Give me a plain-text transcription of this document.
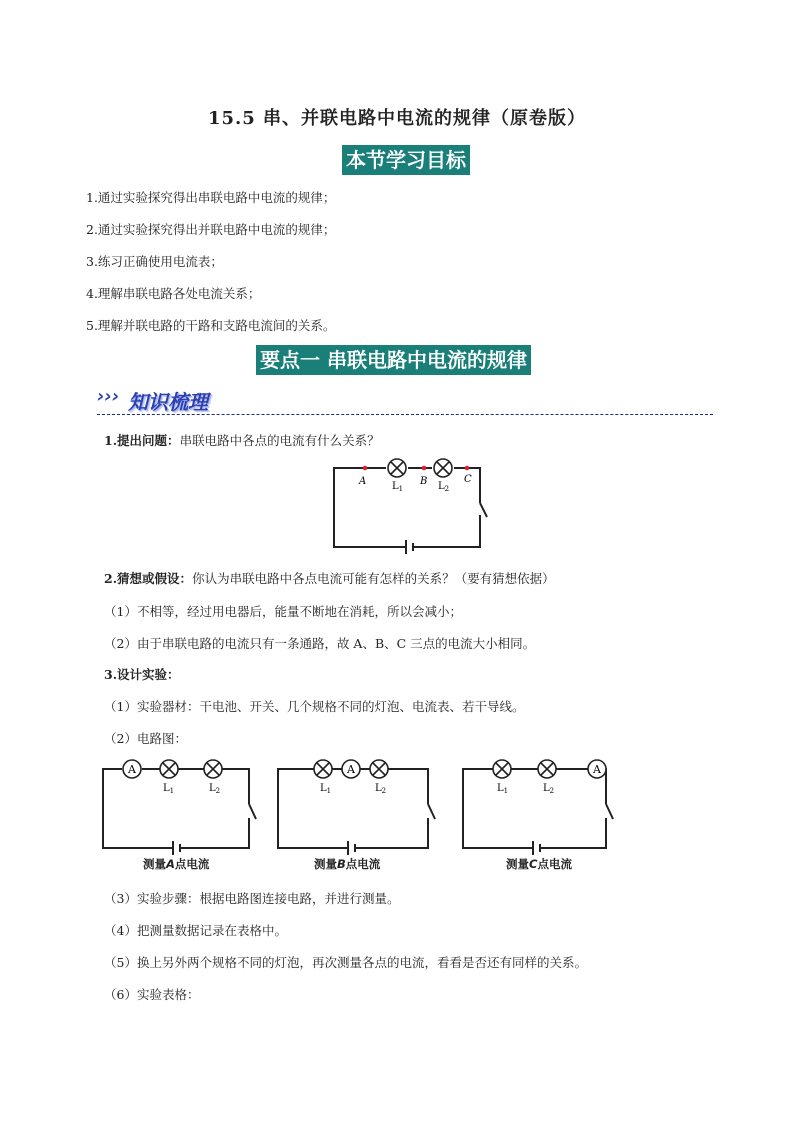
15.5 串、并联电路中电流的规律（原卷版）
本节学习目标
1.通过实验探究得出串联电路中电流的规律；
2.通过实验探究得出并联电路中电流的规律；
3.练习正确使用电流表；
4.理解串联电路各处电流关系；
5.理解并联电路的干路和支路电流间的关系。
要点一 串联电路中电流的规律
››› 知识梳理
1.提出问题：串联电路中各点的电流有什么关系？
A	B	C
$L_1$	$L_2$
2.猜想或假设：你认为串联电路中各点电流可能有怎样的关系？（要有猜想依据）
（1）不相等，经过用电器后，能量不断地在消耗，所以会减小；
（2）由于串联电路的电流只有一条通路，故 A、B、C 三点的电流大小相同。
3.设计实验：
（1）实验器材：干电池、开关、几个规格不同的灯泡、电流表、若干导线。
（2）电路图：
A
$L_1$	$L_2$
测量A点电流
A
$L_1$	$L_2$
测量B点电流
A
$L_1$	$L_2$
测量C点电流
（3）实验步骤：根据电路图连接电路，并进行测量。
（4）把测量数据记录在表格中。
（5）换上另外两个规格不同的灯泡，再次测量各点的电流，看看是否还有同样的关系。
（6）实验表格：
